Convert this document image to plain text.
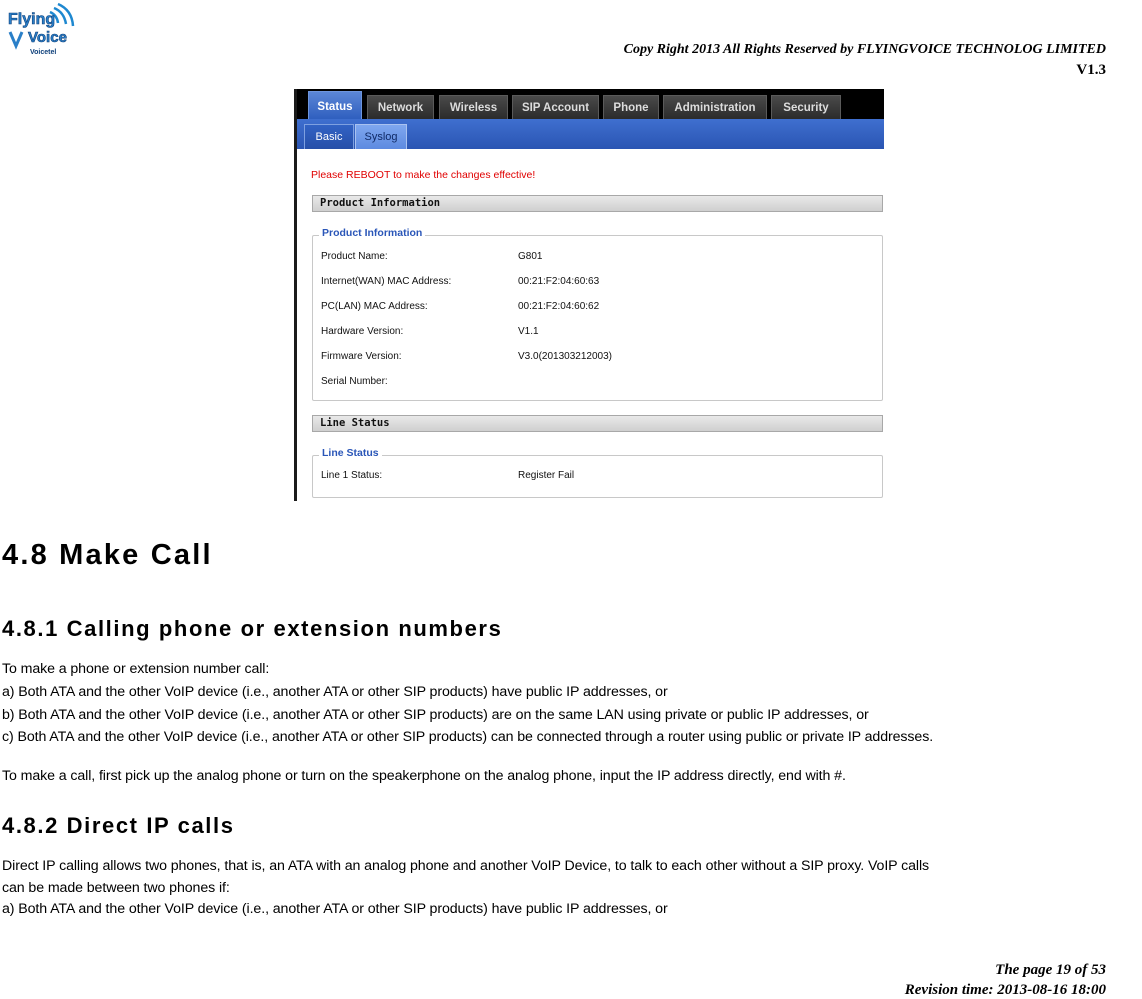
Flying
Voice
Voicetel	Copy Right 2013 All Rights Reserved by FLYINGVOICE TECHNOLOG LIMITED
V1.3
Status	Network	Wireless	SIP Account	Phone	Administration	Security
Basic	Syslog
Please REBOOT to make the changes effective!
Product Information
Product Information
Product Name:	G801
Internet(WAN) MAC Address:	00:21:F2:04:60:63
PC(LAN) MAC Address:	00:21:F2:04:60:62
Hardware Version:	V1.1
Firmware Version:	V3.0(201303212003)
Serial Number:
Line Status
Line Status
Line 1 Status:	Register Fail
4.8 Make Call
4.8.1 Calling phone or extension numbers
To make a phone or extension number call:
a) Both ATA and the other VoIP device (i.e., another ATA or other SIP products) have public IP addresses, or
b) Both ATA and the other VoIP device (i.e., another ATA or other SIP products) are on the same LAN using private or public IP addresses, or
c) Both ATA and the other VoIP device (i.e., another ATA or other SIP products) can be connected through a router using public or private IP addresses.
To make a call, first pick up the analog phone or turn on the speakerphone on the analog phone, input the IP address directly, end with #.
4.8.2 Direct IP calls
Direct IP calling allows two phones, that is, an ATA with an analog phone and another VoIP Device, to talk to each other without a SIP proxy. VoIP calls
can be made between two phones if:
a) Both ATA and the other VoIP device (i.e., another ATA or other SIP products) have public IP addresses, or
The page 19 of 53
Revision time: 2013-08-16 18:00
